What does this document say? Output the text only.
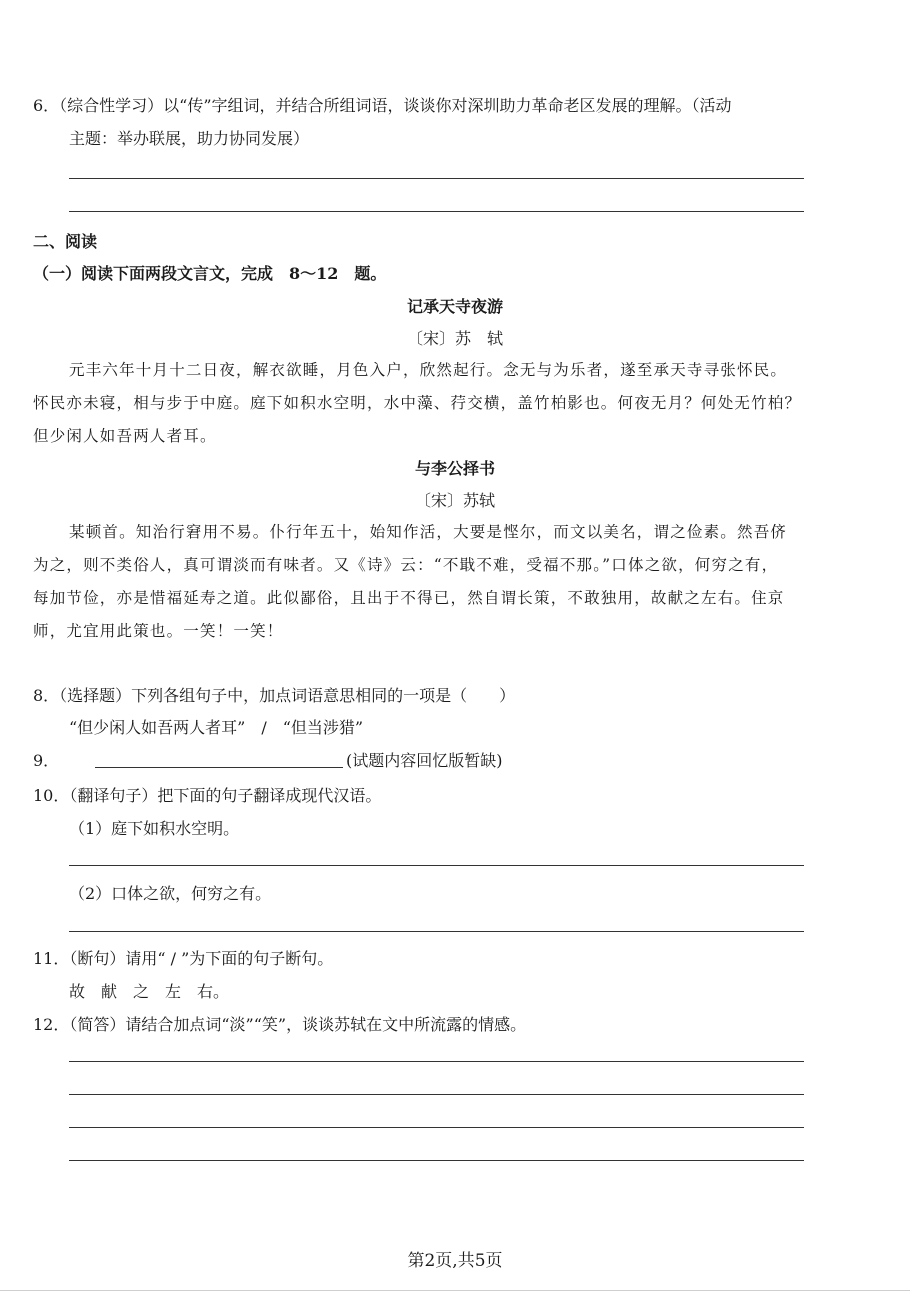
6．（综合性学习）以“传”字组词，并结合所组词语，谈谈你对深圳助力革命老区发展的理解。（活动
主题：举办联展，助力协同发展）
二、阅读
（一）阅读下面两段文言文，完成　8～12　题。
记承天寺夜游
〔宋〕苏　轼
元丰六年十月十二日夜，解衣欲睡，月色入户，欣然起行。念无与为乐者，遂至承天寺寻张怀民。
怀民亦未寝，相与步于中庭。庭下如积水空明，水中藻、荇交横，盖竹柏影也。何夜无月？何处无竹柏？
但少闲人如吾两人者耳。
与李公择书
〔宋〕苏轼
某顿首。知治行窘用不易。仆行年五十，始知作活，大要是悭尔，而文以美名，谓之俭素。然吾侪
为之，则不类俗人，真可谓淡而有味者。又《诗》云：“不戢不难，受福不那。”口体之欲，何穷之有，
每加节俭，亦是惜福延寿之道。此似鄙俗，且出于不得已，然自谓长策，不敢独用，故献之左右。住京
师，尤宜用此策也。一笑！一笑！
8．（选择题）下列各组句子中，加点词语意思相同的一项是（　　）
“但少闲人如吾两人者耳”　/　“但当涉猎”
9．	(试题内容回忆版暂缺)
10．（翻译句子）把下面的句子翻译成现代汉语。
（1）庭下如积水空明。
（2）口体之欲，何穷之有。
11．（断句）请用“ / ”为下面的句子断句。
故　献　之　左　右。
12．（简答）请结合加点词“淡”“笑”，谈谈苏轼在文中所流露的情感。
第2页,共5页
